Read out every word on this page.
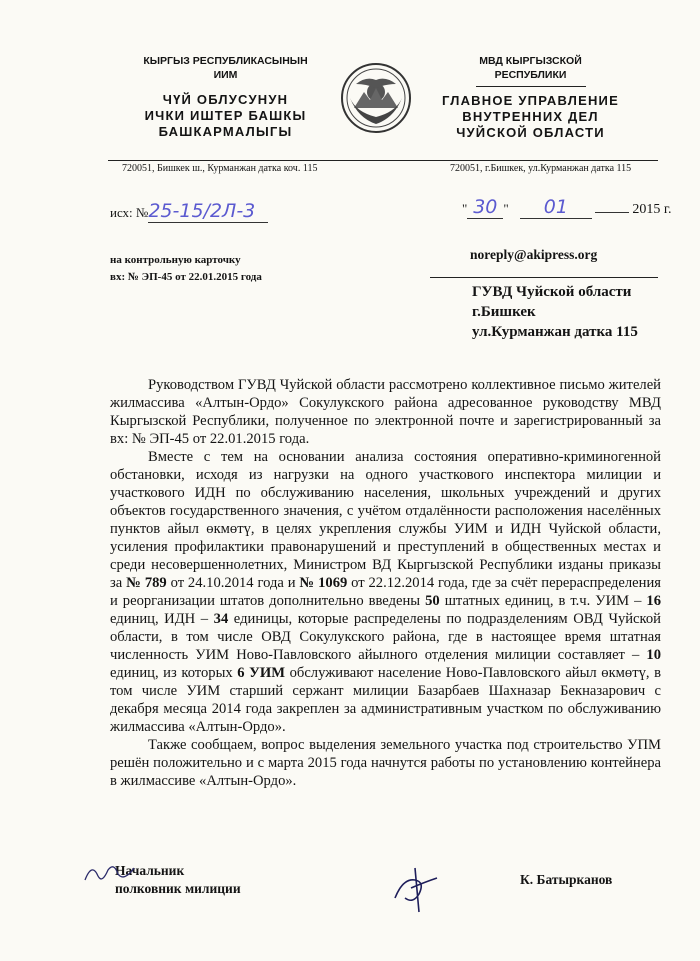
КЫРГЫЗ РЕСПУБЛИКАСЫНЫН
ИИМ
ЧҮЙ ОБЛУСУНУН
ИЧКИ ИШТЕР БАШКЫ
БАШКАРМАЛЫГЫ
МВД КЫРГЫЗСКОЙ
РЕСПУБЛИКИ
ГЛАВНОЕ УПРАВЛЕНИЕ
ВНУТРЕННИХ ДЕЛ
ЧУЙСКОЙ ОБЛАСТИ
720051, Бишкек ш., Курманжан датка коч. 115	720051, г.Бишкек, ул.Курманжан датка 115
исх: №25-15/2Л-3	" 30 " 01	2015 г.
на контрольную карточку
вх: № ЭП-45 от 22.01.2015 года
noreply@akipress.org
ГУВД Чуйской области
г.Бишкек
ул.Курманжан датка 115

Руководством ГУВД Чуйской области рассмотрено коллективное письмо жителей жилмассива «Алтын-Ордо» Сокулукского района адресованное руководству МВД Кыргызской Республики, полученное по электронной почте и зарегистрированный за вх: № ЭП-45 от 22.01.2015 года.

Вместе с тем на основании анализа состояния оперативно-криминогенной обстановки, исходя из нагрузки на одного участкового инспектора милиции и участкового ИДН по обслуживанию населения, школьных учреждений и других объектов государственного значения, с учётом отдалённости расположения населённых пунктов айыл өкмөтү, в целях укрепления службы УИМ и ИДН Чуйской области, усиления профилактики правонарушений и преступлений в общественных местах и среди несовершеннолетних, Министром ВД Кыргызской Республики изданы приказы за № 789 от 24.10.2014 года и № 1069 от 22.12.2014 года, где за счёт перераспределения и реорганизации штатов дополнительно введены 50 штатных единиц, в т.ч. УИМ – 16 единиц, ИДН – 34 единицы, которые распределены по подразделениям ОВД Чуйской области, в том числе ОВД Сокулукского района, где в настоящее время штатная численность УИМ Ново-Павловского айылного отделения милиции составляет – 10 единиц, из которых 6 УИМ обслуживают население Ново-Павловского айыл өкмөтү, в том числе УИМ старший сержант милиции Базарбаев Шахназар Бекназарович с декабря месяца 2014 года закреплен за административным участком по обслуживанию жилмассива «Алтын-Ордо».

Также сообщаем, вопрос выделения земельного участка под строительство УПМ решён положительно и с марта 2015 года начнутся работы по установлению контейнера в жилмассиве «Алтын-Ордо».

Начальник
полковник милиции
К. Батырканов
